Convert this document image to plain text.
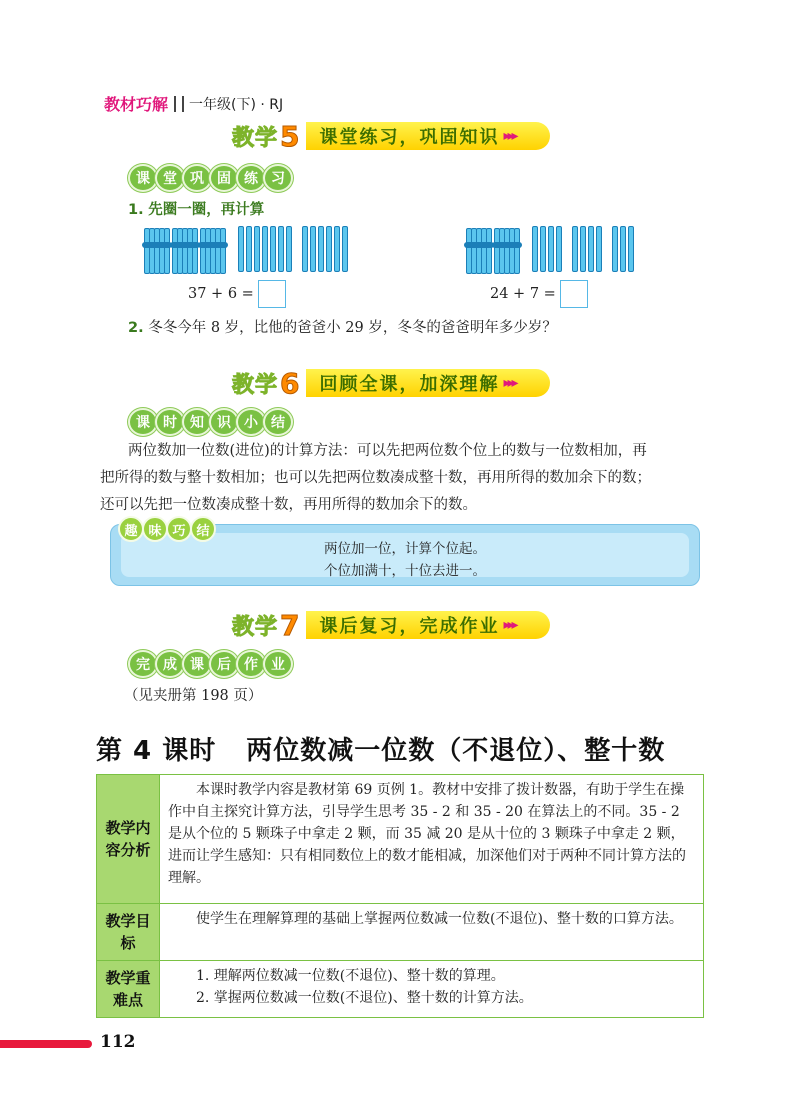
教材巧解 一年级(下) · RJ
教学 5 课堂练习，巩固知识 ▸▸▸
课 堂 巩 固 练 习
1. 先圈一圈，再计算
37 + 6 =	24 + 7 =
2. 冬冬今年 8 岁，比他的爸爸小 29 岁，冬冬的爸爸明年多少岁？
教学 6 回顾全课，加深理解 ▸▸▸
课 时 知 识 小 结
两位数加一位数(进位)的计算方法：可以先把两位数个位上的数与一位数相加，再
把所得的数与整十数相加；也可以先把两位数凑成整十数，再用所得的数加余下的数；
还可以先把一位数凑成整十数，再用所得的数加余下的数。
两位加一位，计算个位起。
个位加满十，十位去进一。
趣 味 巧 结
教学 7 课后复习，完成作业 ▸▸▸
完 成 课 后 作 业
（见夹册第 198 页）
第 4 课时 两位数减一位数（不退位）、整十数
教学内容分析
本课时教学内容是教材第 69 页例 1。教材中安排了拨计数器，有助于学生在操作中自主探究计算方法，引导学生思考 35 - 2 和 35 - 20 在算法上的不同。35 - 2 是从个位的 5 颗珠子中拿走 2 颗，而 35 减 20 是从十位的 3 颗珠子中拿走 2 颗，进而让学生感知：只有相同数位上的数才能相减，加深他们对于两种不同计算方法的理解。
教学目标
使学生在理解算理的基础上掌握两位数减一位数(不退位)、整十数的口算方法。
教学重难点
1. 理解两位数减一位数(不退位)、整十数的算理。
2. 掌握两位数减一位数(不退位)、整十数的计算方法。
112
